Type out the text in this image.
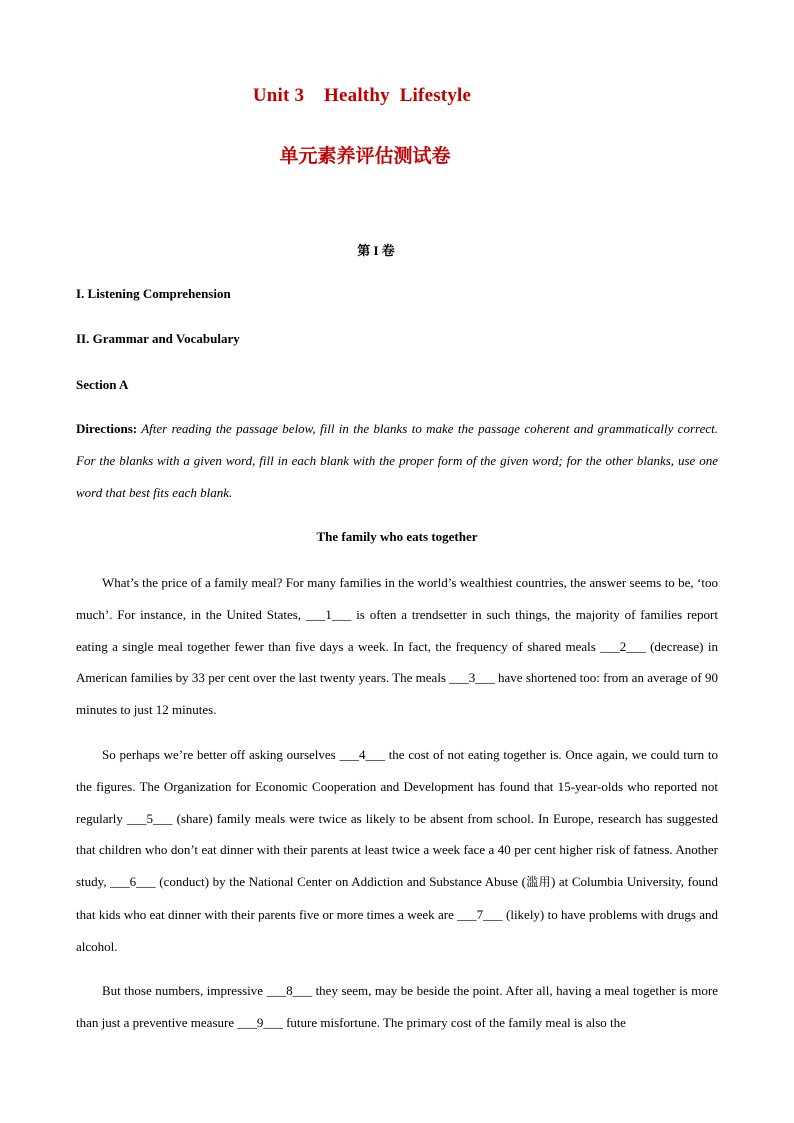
Unit 3    Healthy  Lifestyle
单元素养评估测试卷
第 I 卷
I. Listening Comprehension
II. Grammar and Vocabulary
Section A
Directions: After reading the passage below, fill in the blanks to make the passage coherent and grammatically correct. For the blanks with a given word, fill in each blank with the proper form of the given word; for the other blanks, use one word that best fits each blank.
The family who eats together
What’s the price of a family meal? For many families in the world’s wealthiest countries, the answer seems to be, ‘too much’. For instance, in the United States, ___1___ is often a trendsetter in such things, the majority of families report eating a single meal together fewer than five days a week. In fact, the frequency of shared meals ___2___ (decrease) in American families by 33 per cent over the last twenty years. The meals ___3___ have shortened too: from an average of 90 minutes to just 12 minutes.
So perhaps we’re better off asking ourselves ___4___ the cost of not eating together is. Once again, we could turn to the figures. The Organization for Economic Cooperation and Development has found that 15-year-olds who reported not regularly ___5___ (share) family meals were twice as likely to be absent from school. In Europe, research has suggested that children who don’t eat dinner with their parents at least twice a week face a 40 per cent higher risk of fatness. Another study, ___6___ (conduct) by the National Center on Addiction and Substance Abuse (滥用) at Columbia University, found that kids who eat dinner with their parents five or more times a week are ___7___ (likely) to have problems with drugs and alcohol.
But those numbers, impressive ___8___ they seem, may be beside the point. After all, having a meal together is more than just a preventive measure ___9___ future misfortune. The primary cost of the family meal is also the
